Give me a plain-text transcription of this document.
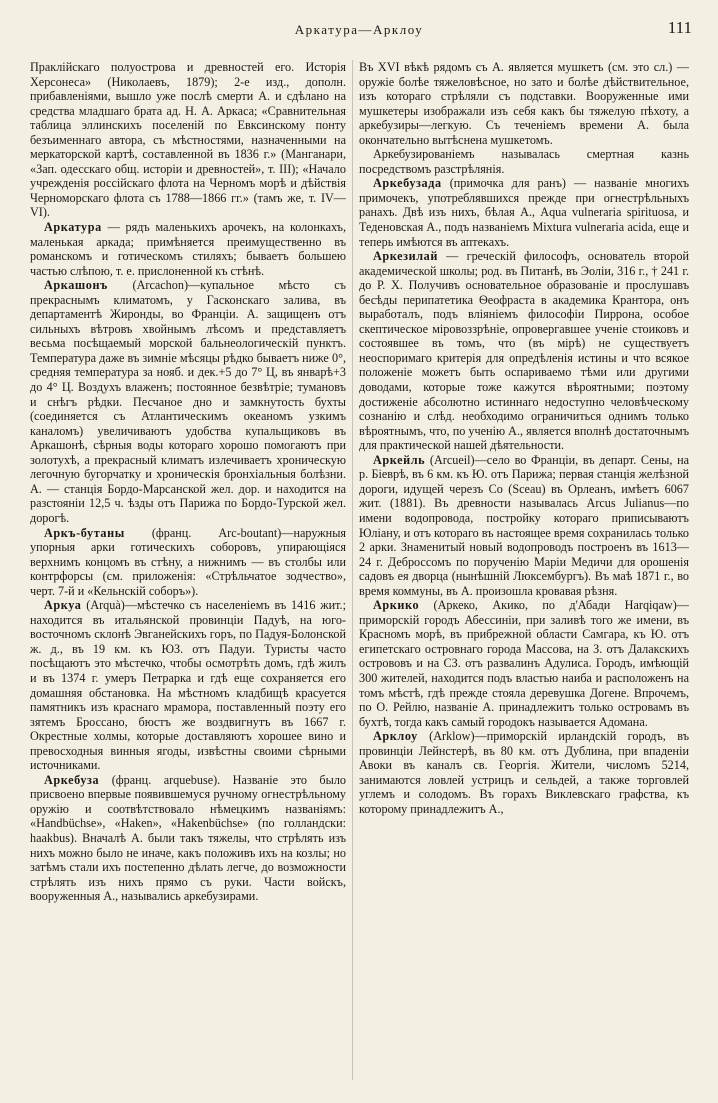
Аркатура—Арклоу	111

Праклійскаго полуострова и древностей его. Исторія Херсонеса» (Николаевъ, 1879); 2-е изд., дополн. прибавленіями, вышло уже послѣ смерти А. и сдѣлано на средства младшаго брата ад. Н. А. Аркаса; «Сравнительная таблица эллинскихъ поселеній по Евксинскому понту безъименнаго автора, съ мѣстностями, назначенными на меркаторской картѣ, составленной въ 1836 г.» (Манганари, «Зап. одесскаго общ. исторіи и древностей», т. III); «Начало учрежденія россійскаго флота на Черномъ морѣ и дѣйствія Черноморскаго флота съ 1788—1866 гг.» (тамъ же, т. IV—VI).

Аркатура — рядъ маленькихъ арочекъ, на колонкахъ, маленькая аркада; примѣняется преимущественно въ романскомъ и готическомъ стиляхъ; бываетъ большею частью слѣпою, т. е. прислоненной къ стѣнѣ.

Аркашонъ (Arcachon)—купальное мѣсто съ прекраснымъ климатомъ, у Гасконскаго залива, въ департаментѣ Жиронды, во Франціи. А. защищенъ отъ сильныхъ вѣтровъ хвойнымъ лѣсомъ и представляетъ весьма посѣщаемый морской бальнеологическій пунктъ. Температура даже въ зимніе мѣсяцы рѣдко бываетъ ниже 0°, средняя температура за нояб. и дек.+5 до 7° Ц, въ январѣ+3 до 4° Ц. Воздухъ влаженъ; постоянное безвѣтріе; тумановъ и снѣгъ рѣдки. Песчаное дно и замкнутость бухты (соединяется съ Атлантическимъ океаномъ узкимъ каналомъ) увеличиваютъ удобства купальщиковъ въ Аркашонѣ, сѣрныя воды котораго хорошо помогаютъ при золотухѣ, а прекрасный климатъ излечиваетъ хроническую легочную бугорчатку и хроническія бронхіальныя болѣзни. А. — станція Бордо-Марсанской жел. дор. и находится на разстояніи 12,5 ч. ѣзды отъ Парижа по Бордо-Турской жел. дорогѣ.

Аркъ-бутаны (франц. Arc-boutant)—наружныя упорныя арки готическихъ соборовъ, упирающіяся верхнимъ концомъ въ стѣну, а нижнимъ — въ столбы или контрфорсы (см. приложенія: «Стрѣльчатое зодчество», черт. 7-й и «Кельнскій соборъ»).

Аркуа (Arquà)—мѣстечко съ населеніемъ въ 1416 жит.; находится въ итальянской провинціи Падуѣ, на юго-восточномъ склонѣ Эвганейскихъ горъ, по Падуя-Болонской ж. д., въ 19 км. къ ЮЗ. отъ Падуи. Туристы часто посѣщаютъ это мѣстечко, чтобы осмотрѣть домъ, гдѣ жилъ и въ 1374 г. умеръ Петрарка и гдѣ еще сохраняется его домашняя обстановка. На мѣстномъ кладбищѣ красуется памятникъ изъ краснаго мрамора, поставленный поэту его зятемъ Броссано, бюстъ же воздвигнутъ въ 1667 г. Окрестные холмы, которые доставляютъ хорошее вино и превосходныя винныя ягоды, извѣстны своими сѣрными источниками.

Аркебуза (франц. arquebuse). Названіе это было присвоено впервые появившемуся ручному огнестрѣльному оружію и соотвѣтствовало нѣмецкимъ названіямъ: «Handbüchse», «Haken», «Hakenbüchse» (по голландски: haakbus). Вначалѣ А. были такъ тяжелы, что стрѣлять изъ нихъ можно было не иначе, какъ положивъ ихъ на козлы; но затѣмъ стали ихъ постепенно дѣлать легче, до возможности стрѣлять изъ нихъ прямо съ руки. Части войскъ, вооруженныя А., назывались аркебузирами.

Въ XVI вѣкѣ рядомъ съ А. является мушкетъ (см. это сл.) — оружіе болѣе тяжеловѣсное, но зато и болѣе дѣйствительное, изъ котораго стрѣляли съ подставки. Вооруженные ими мушкетеры изображали изъ себя какъ бы тяжелую пѣхоту, а аркебузиры—легкую. Съ теченіемъ времени А. была окончательно вытѣснена мушкетомъ.

Аркебузированіемъ называлась смертная казнь посредствомъ разстрѣлянія.

Аркебузада (примочка для ранъ) — названіе многихъ примочекъ, употреблявшихся прежде при огнестрѣльныхъ ранахъ. Двѣ изъ нихъ, бѣлая А., Aqua vulneraria spirituosa, и Теденовская А., подъ названіемъ Mixtura vulneraria acida, еще и теперь имѣются въ аптекахъ.

Аркезилай — греческій философъ, основатель второй академической школы; род. въ Питанѣ, въ Эоліи, 316 г., † 241 г. до Р. Х. Получивъ основательное образованіе и прослушавъ бесѣды перипатетика Ѳеофраста в академика Крантора, онъ выработалъ, подъ вліяніемъ философіи Пиррона, особое скептическое міровоззрѣніе, опровергавшее ученіе стоиковъ и состоявшее въ томъ, что (въ мірѣ) не существуетъ неоспоримаго критерія для опредѣленія истины и что всякое положеніе можетъ быть оспариваемо тѣми или другими доводами, которые тоже кажутся вѣроятными; поэтому достиженіе абсолютно истиннаго недоступно человѣческому сознанію и слѣд. необходимо ограничиться однимъ только вѣроятнымъ, что, по ученію А., является вполнѣ достаточнымъ для практической нашей дѣятельности.

Аркейль (Arcueil)—село во Франціи, въ департ. Сены, на р. Біеврѣ, въ 6 км. къ Ю. отъ Парижа; первая станція желѣзной дороги, идущей черезъ Со (Sceau) въ Орлеанъ, имѣетъ 6067 жит. (1881). Въ древности называлась Arcus Julianus—по имени водопровода, постройку котораго приписываютъ Юліану, и отъ котораго въ настоящее время сохранилась только 2 арки. Знаменитый новый водопроводъ построенъ въ 1613—24 г. Деброссомъ по порученію Маріи Медичи для орошенія садовъ ея дворца (нынѣшній Люксембургъ). Въ маѣ 1871 г., во время коммуны, въ А. произошла кровавая рѣзня.

Аркико (Аркеко, Акико, по д'Абади Harqiqaw)—приморскій городъ Абессиніи, при заливѣ того же имени, въ Красномъ морѣ, въ прибрежной области Самгара, къ Ю. отъ египетскаго островнаго города Массова, на З. отъ Далакскихъ острововъ и на СЗ. отъ развалинъ Адулиса. Городъ, имѣющій 300 жителей, находится подъ властью наиба и расположенъ на томъ мѣстѣ, гдѣ прежде стояла деревушка Догене. Впрочемъ, по О. Рейлю, названіе А. принадлежитъ только островамъ въ бухтѣ, тогда какъ самый городокъ называется Адомана.

Арклоу (Arklow)—приморскій ирландскій городъ, въ провинціи Лейнстерѣ, въ 80 км. отъ Дублина, при впаденіи Авоки въ каналъ св. Георгія. Жители, числомъ 5214, занимаются ловлей устрицъ и сельдей, а также торговлей углемъ и солодомъ. Въ горахъ Виклевскаго графства, къ которому принадлежитъ А.,
